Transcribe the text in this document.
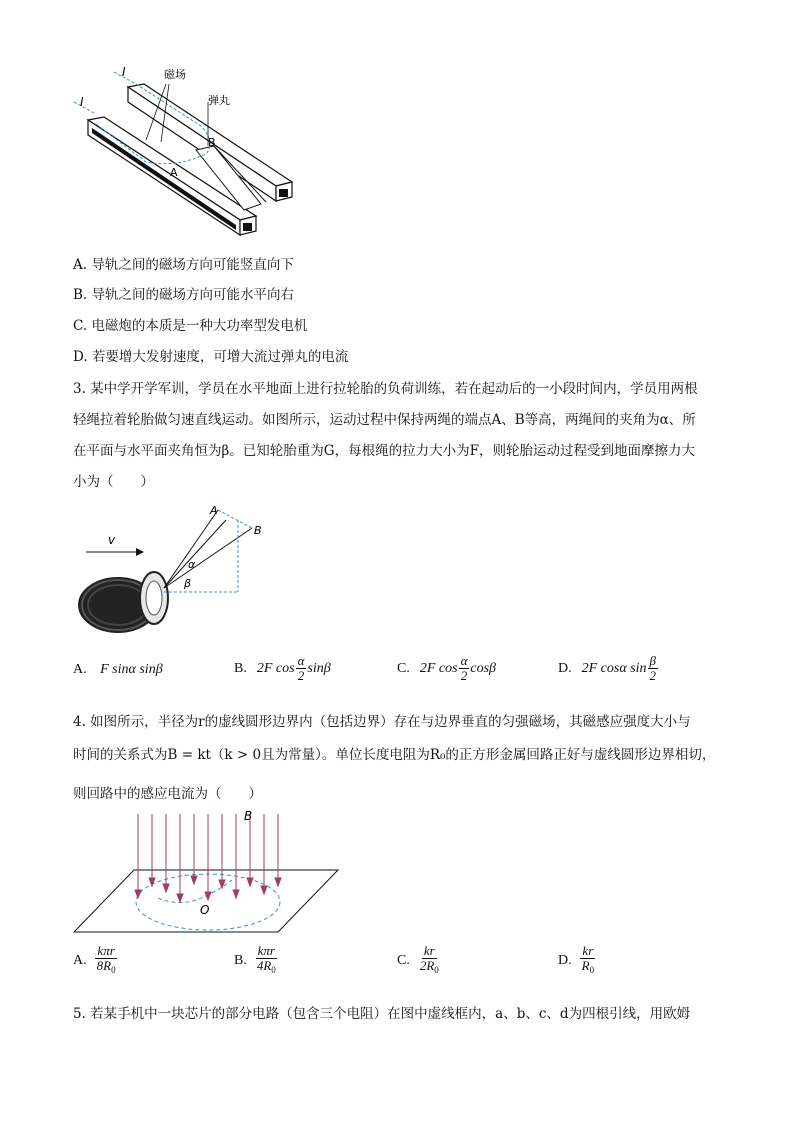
I
I
磁场
弹丸
B
A
A. 导轨之间的磁场方向可能竖直向下
B. 导轨之间的磁场方向可能水平向右
C. 电磁炮的本质是一种大功率型发电机
D. 若要增大发射速度，可增大流过弹丸的电流
3. 某中学开学军训，学员在水平地面上进行拉轮胎的负荷训练，若在起动后的一小段时间内，学员用两根
轻绳拉着轮胎做匀速直线运动。如图所示，运动过程中保持两绳的端点A、B等高，两绳间的夹角为α、所
在平面与水平面夹角恒为β。已知轮胎重为G，每根绳的拉力大小为F，则轮胎运动过程受到地面摩擦力大
小为（　　）
v
A
B
α
β
A. F sinα sinβ	B. 2F $\cos \frac{\alpha}{2}$ sinβ	C. 2F $\cos \frac{\alpha}{2}$ cosβ	D. 2F cosα $\sin \frac{\beta}{2}$
4. 如图所示，半径为r的虚线圆形边界内（包括边界）存在与边界垂直的匀强磁场，其磁感应强度大小与
时间的关系式为B = kt（k > 0且为常量）。单位长度电阻为R₀的正方形金属回路正好与虚线圆形边界相切，
则回路中的感应电流为（　　）
B
O
A. $\frac{\text{kπr}}{8R_0}$	B. $\frac{\text{kπr}}{4R_0}$	C. $\frac{kr}{2R_0}$	D. $\frac{kr}{R_0}$
5. 若某手机中一块芯片的部分电路（包含三个电阻）在图中虚线框内，a、b、c、d为四根引线，用欧姆
